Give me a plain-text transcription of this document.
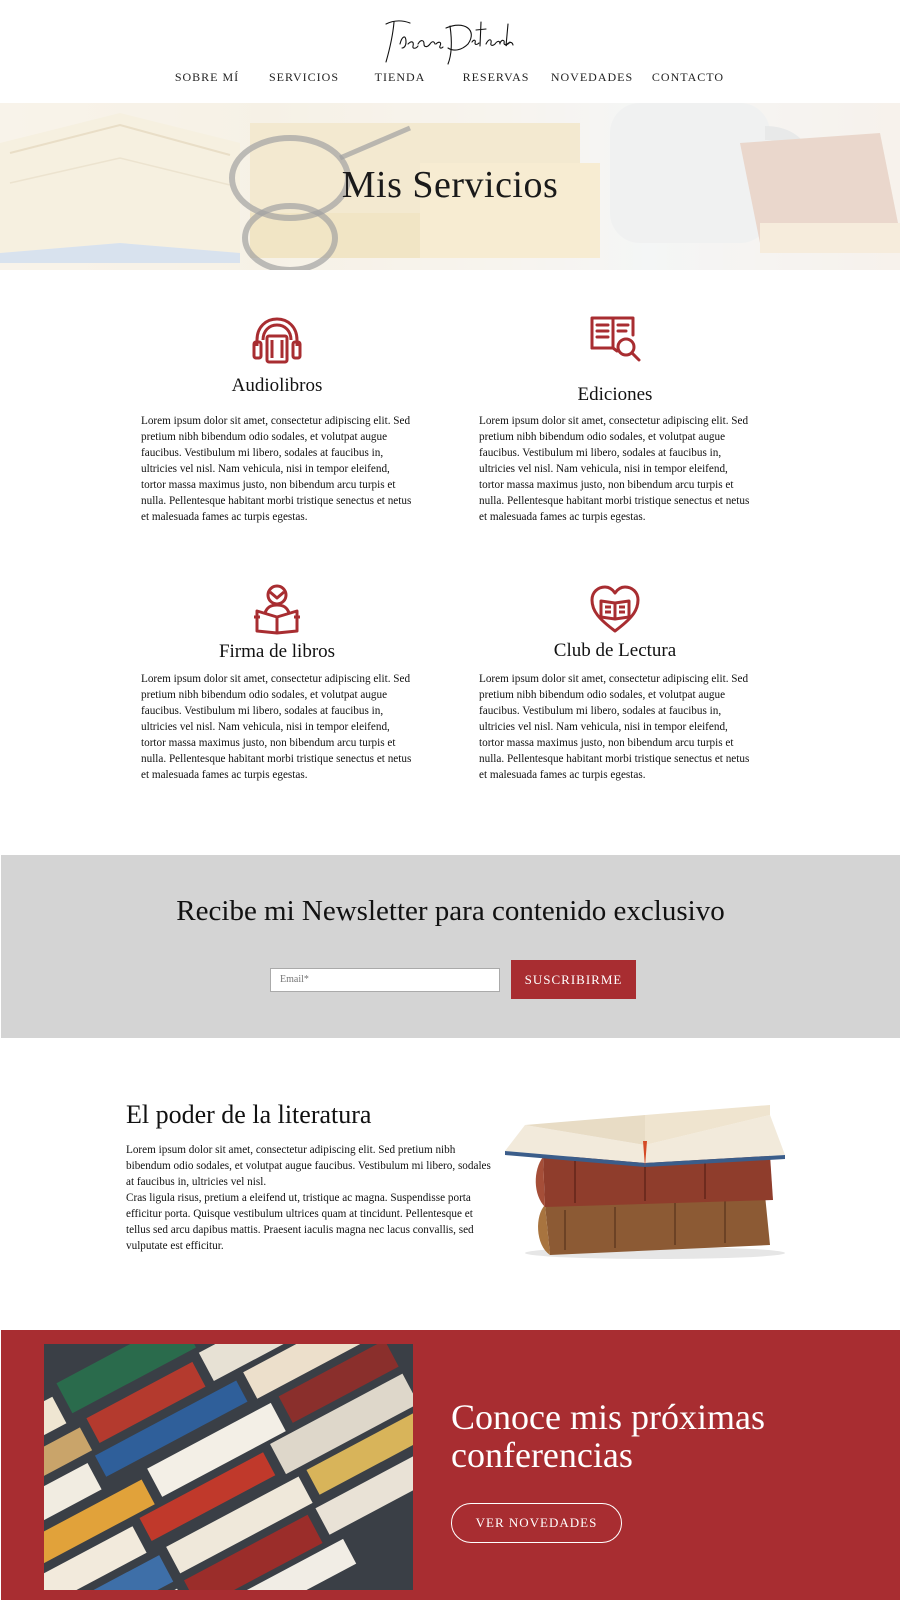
SOBRE MÍ	SERVICIOS	TIENDA	RESERVAS	NOVEDADES	CONTACTO
Mis Servicios
Audiolibros
Lorem ipsum dolor sit amet, consectetur adipiscing elit. Sed pretium nibh bibendum odio sodales, et volutpat augue faucibus. Vestibulum mi libero, sodales at faucibus in, ultricies vel nisl. Nam vehicula, nisi in tempor eleifend, tortor massa maximus justo, non bibendum arcu turpis et nulla. Pellentesque habitant morbi tristique senectus et netus et malesuada fames ac turpis egestas.
Ediciones
Lorem ipsum dolor sit amet, consectetur adipiscing elit. Sed pretium nibh bibendum odio sodales, et volutpat augue faucibus. Vestibulum mi libero, sodales at faucibus in, ultricies vel nisl. Nam vehicula, nisi in tempor eleifend, tortor massa maximus justo, non bibendum arcu turpis et nulla. Pellentesque habitant morbi tristique senectus et netus et malesuada fames ac turpis egestas.
Firma de libros
Lorem ipsum dolor sit amet, consectetur adipiscing elit. Sed pretium nibh bibendum odio sodales, et volutpat augue faucibus. Vestibulum mi libero, sodales at faucibus in, ultricies vel nisl. Nam vehicula, nisi in tempor eleifend, tortor massa maximus justo, non bibendum arcu turpis et nulla. Pellentesque habitant morbi tristique senectus et netus et malesuada fames ac turpis egestas.
Club de Lectura
Lorem ipsum dolor sit amet, consectetur adipiscing elit. Sed pretium nibh bibendum odio sodales, et volutpat augue faucibus. Vestibulum mi libero, sodales at faucibus in, ultricies vel nisl. Nam vehicula, nisi in tempor eleifend, tortor massa maximus justo, non bibendum arcu turpis et nulla. Pellentesque habitant morbi tristique senectus et netus et malesuada fames ac turpis egestas.
Recibe mi Newsletter para contenido exclusivo
Email*	SUSCRIBIRME
El poder de la literatura

Lorem ipsum dolor sit amet, consectetur adipiscing elit. Sed pretium nibh bibendum odio sodales, et volutpat augue faucibus. Vestibulum mi libero, sodales at faucibus in, ultricies vel nisl.

Cras ligula risus, pretium a eleifend ut, tristique ac magna. Suspendisse porta efficitur porta. Quisque vestibulum ultrices quam at tincidunt. Pellentesque et tellus sed arcu dapibus mattis. Praesent iaculis magna nec lacus convallis, sed vulputate est efficitur.

Conoce mis próximas conferencias
VER NOVEDADES
